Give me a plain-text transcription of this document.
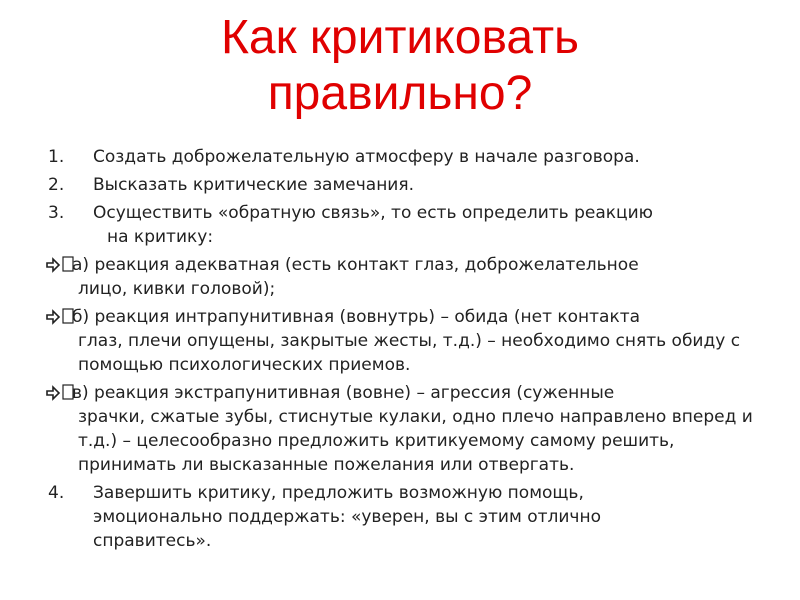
Как критиковать
правильно?
1. Создать доброжелательную атмосферу в начале разговора.
2. Высказать критические замечания.
3. Осуществить «обратную связь», то есть определить реакцию
на критику:
а) реакция адекватная (есть контакт глаз, доброжелательное
лицо, кивки головой);
б) реакция интрапунитивная (вовнутрь) – обида (нет контакта
глаз, плечи опущены, закрытые жесты, т.д.) – необходимо снять обиду с помощью психологических приемов.
в) реакция экстрапунитивная (вовне) – агрессия (суженные
зрачки, сжатые зубы, стиснутые кулаки, одно плечо направлено вперед и т.д.) – целесообразно предложить критикуемому самому решить, принимать ли высказанные пожелания или отвергать.
4. Завершить критику, предложить возможную помощь,
эмоционально поддержать: «уверен, вы с этим отлично
справитесь».
